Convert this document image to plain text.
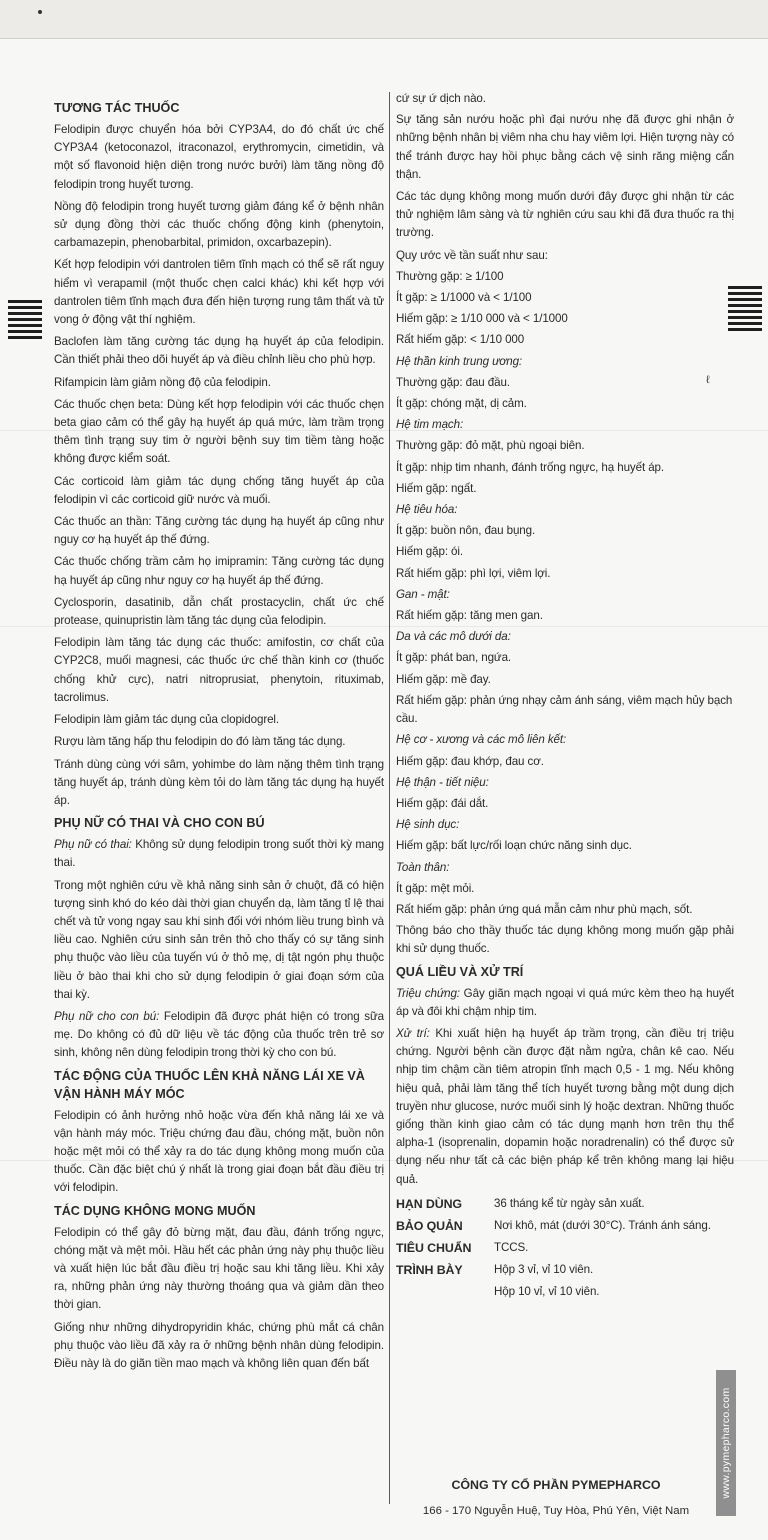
TƯƠNG TÁC THUỐC

Felodipin được chuyển hóa bởi CYP3A4, do đó chất ức chế CYP3A4 (ketoconazol, itraconazol, erythromycin, cimetidin, và một số flavonoid hiện diện trong nước bưởi) làm tăng nồng độ felodipin trong huyết tương.

Nồng độ felodipin trong huyết tương giảm đáng kể ở bệnh nhân sử dụng đồng thời các thuốc chống động kinh (phenytoin, carbamazepin, phenobarbital, primidon, oxcarbazepin).

Kết hợp felodipin với dantrolen tiêm tĩnh mạch có thể sẽ rất nguy hiểm vì verapamil (một thuốc chẹn calci khác) khi kết hợp với dantrolen tiêm tĩnh mạch đưa đến hiện tượng rung tâm thất và tử vong ở động vật thí nghiệm.

Baclofen làm tăng cường tác dụng hạ huyết áp của felodipin. Cần thiết phải theo dõi huyết áp và điều chỉnh liều cho phù hợp.

Rifampicin làm giảm nồng độ của felodipin.

Các thuốc chẹn beta: Dùng kết hợp felodipin với các thuốc chẹn beta giao cảm có thể gây hạ huyết áp quá mức, làm trầm trọng thêm tình trạng suy tim ở người bệnh suy tim tiềm tàng hoặc không được kiểm soát.

Các corticoid làm giảm tác dụng chống tăng huyết áp của felodipin vì các corticoid giữ nước và muối.

Các thuốc an thần: Tăng cường tác dụng hạ huyết áp cũng như nguy cơ hạ huyết áp thế đứng.

Các thuốc chống trầm cảm họ imipramin: Tăng cường tác dụng hạ huyết áp cũng như nguy cơ hạ huyết áp thế đứng.

Cyclosporin, dasatinib, dẫn chất prostacyclin, chất ức chế protease, quinupristin làm tăng tác dụng của felodipin.

Felodipin làm tăng tác dụng các thuốc: amifostin, cơ chất của CYP2C8, muối magnesi, các thuốc ức chế thần kinh cơ (thuốc chống khử cực), natri nitroprusiat, phenytoin, rituximab, tacrolimus.

Felodipin làm giảm tác dụng của clopidogrel.

Rượu làm tăng hấp thu felodipin do đó làm tăng tác dụng.

Tránh dùng cùng với sâm, yohimbe do làm nặng thêm tình trạng tăng huyết áp, tránh dùng kèm tỏi do làm tăng tác dụng hạ huyết áp.

PHỤ NỮ CÓ THAI VÀ CHO CON BÚ

Phụ nữ có thai: Không sử dụng felodipin trong suốt thời kỳ mang thai.

Trong một nghiên cứu về khả năng sinh sản ở chuột, đã có hiện tượng sinh khó do kéo dài thời gian chuyển dạ, làm tăng tỉ lệ thai chết và tử vong ngay sau khi sinh đối với nhóm liều trung bình và liều cao. Nghiên cứu sinh sản trên thỏ cho thấy có sự tăng sinh phụ thuộc vào liều của tuyến vú ở thỏ mẹ, dị tật ngón phụ thuộc liều ở bào thai khi cho sử dụng felodipin ở giai đoạn sớm của thai kỳ.

Phụ nữ cho con bú: Felodipin đã được phát hiện có trong sữa mẹ. Do không có đủ dữ liệu về tác động của thuốc trên trẻ sơ sinh, không nên dùng felodipin trong thời kỳ cho con bú.

TÁC ĐỘNG CỦA THUỐC LÊN KHẢ NĂNG LÁI XE VÀ VẬN HÀNH MÁY MÓC

Felodipin có ảnh hưởng nhỏ hoặc vừa đến khả năng lái xe và vận hành máy móc. Triệu chứng đau đầu, chóng mặt, buồn nôn hoặc mệt mỏi có thể xảy ra do tác dụng không mong muốn của thuốc. Cần đặc biệt chú ý nhất là trong giai đoạn bắt đầu điều trị với felodipin.

TÁC DỤNG KHÔNG MONG MUỐN

Felodipin có thể gây đỏ bừng mặt, đau đầu, đánh trống ngực, chóng mặt và mệt mỏi. Hầu hết các phản ứng này phụ thuộc liều và xuất hiện lúc bắt đầu điều trị hoặc sau khi tăng liều. Khi xảy ra, những phản ứng này thường thoáng qua và giảm dần theo thời gian.

Giống như những dihydropyridin khác, chứng phù mắt cá chân phụ thuộc vào liều đã xảy ra ở những bệnh nhân dùng felodipin. Điều này là do giãn tiền mao mạch và không liên quan đến bất

cứ sự ứ dịch nào.

Sự tăng sản nướu hoặc phì đại nướu nhẹ đã được ghi nhận ở những bệnh nhân bị viêm nha chu hay viêm lợi. Hiện tượng này có thể tránh được hay hồi phục bằng cách vệ sinh răng miệng cẩn thận.

Các tác dụng không mong muốn dưới đây được ghi nhận từ các thử nghiệm lâm sàng và từ nghiên cứu sau khi đã đưa thuốc ra thị trường.

Quy ước về tần suất như sau:

Thường gặp: ≥ 1/100

Ít gặp: ≥ 1/1000 và < 1/100

Hiếm gặp: ≥ 1/10 000 và < 1/1000

Rất hiếm gặp: < 1/10 000

Hệ thần kinh trung ương:

Thường gặp: đau đầu.

Ít gặp: chóng mặt, dị cảm.

Hệ tim mạch:

Thường gặp: đỏ mặt, phù ngoại biên.

Ít gặp: nhịp tim nhanh, đánh trống ngực, hạ huyết áp.

Hiếm gặp: ngất.

Hệ tiêu hóa:

Ít gặp: buồn nôn, đau bụng.

Hiếm gặp: ói.

Rất hiếm gặp: phì lợi, viêm lợi.

Gan - mật:

Rất hiếm gặp: tăng men gan.

Da và các mô dưới da:

Ít gặp: phát ban, ngứa.

Hiếm gặp: mề đay.

Rất hiếm gặp: phản ứng nhạy cảm ánh sáng, viêm mạch hủy bạch cầu.

Hệ cơ - xương và các mô liên kết:

Hiếm gặp: đau khớp, đau cơ.

Hệ thận - tiết niệu:

Hiếm gặp: đái dắt.

Hệ sinh dục:

Hiếm gặp: bất lực/rối loạn chức năng sinh dục.

Toàn thân:

Ít gặp: mệt mỏi.

Rất hiếm gặp: phản ứng quá mẫn cảm như phù mạch, sốt.

Thông báo cho thầy thuốc tác dụng không mong muốn gặp phải khi sử dụng thuốc.

QUÁ LIỀU VÀ XỬ TRÍ

Triệu chứng: Gây giãn mạch ngoại vi quá mức kèm theo hạ huyết áp và đôi khi chậm nhịp tim.

Xử trí: Khi xuất hiện hạ huyết áp trầm trọng, cần điều trị triệu chứng. Người bệnh cần được đặt nằm ngửa, chân kê cao. Nếu nhịp tim chậm cần tiêm atropin tĩnh mạch 0,5 - 1 mg. Nếu không hiệu quả, phải làm tăng thể tích huyết tương bằng một dung dịch truyền như glucose, nước muối sinh lý hoặc dextran. Những thuốc giống thần kinh giao cảm có tác dụng mạnh hơn trên thụ thể alpha-1 (isoprenalin, dopamin hoặc noradrenalin) có thể được sử dụng nếu như tất cả các biện pháp kể trên không mang lại hiệu quả.

HẠN DÙNG	36 tháng kể từ ngày sản xuất.
BẢO QUẢN	Nơi khô, mát (dưới 30°C). Tránh ánh sáng.
TIÊU CHUẨN	TCCS.
TRÌNH BÀY	Hộp 3 vỉ, vỉ 10 viên.
	Hộp 10 vỉ, vỉ 10 viên.
ℓ
www.pymepharco.com
CÔNG TY CỔ PHẦN PYMEPHARCO
166 - 170 Nguyễn Huệ, Tuy Hòa, Phú Yên, Việt Nam
